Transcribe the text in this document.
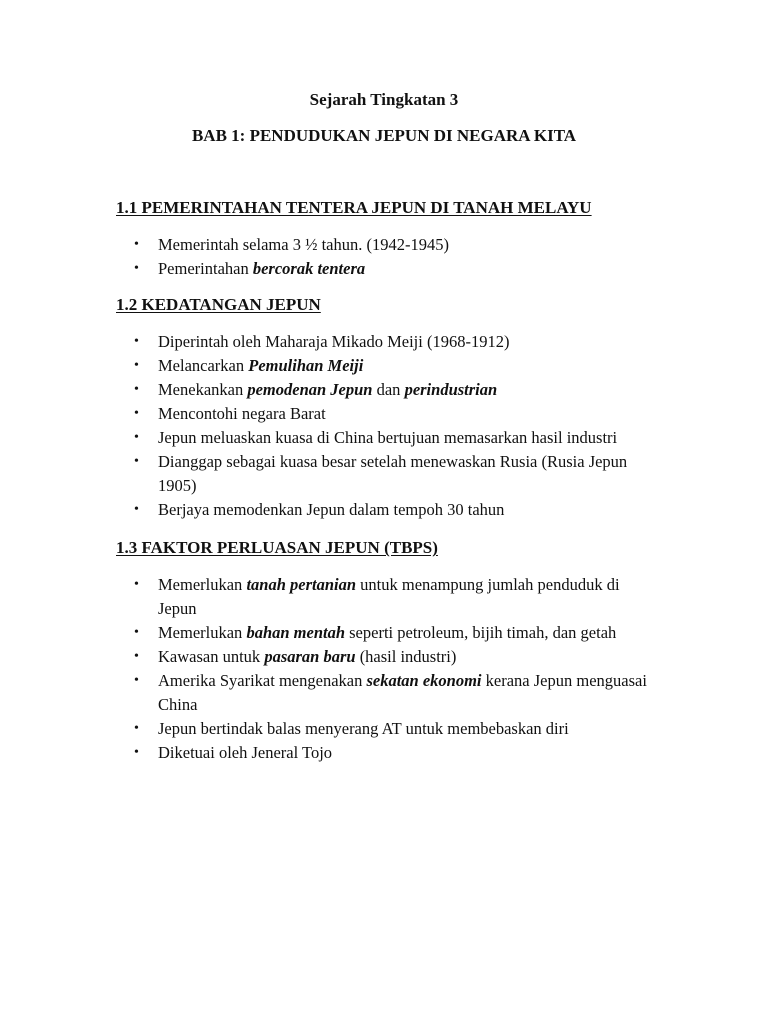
Sejarah Tingkatan 3
BAB 1: PENDUDUKAN JEPUN DI NEGARA KITA
1.1 PEMERINTAHAN TENTERA JEPUN DI TANAH MELAYU
• Memerintah selama 3 ½ tahun. (1942-1945)
• Pemerintahan bercorak tentera
1.2 KEDATANGAN JEPUN
• Diperintah oleh Maharaja Mikado Meiji (1968-1912)
• Melancarkan Pemulihan Meiji
• Menekankan pemodenan Jepun dan perindustrian
• Mencontohi negara Barat
• Jepun meluaskan kuasa di China bertujuan memasarkan hasil industri
• Dianggap sebagai kuasa besar setelah menewaskan Rusia (Rusia Jepun 1905)
• Berjaya memodenkan Jepun dalam tempoh 30 tahun
1.3 FAKTOR PERLUASAN JEPUN (TBPS)
• Memerlukan tanah pertanian untuk menampung jumlah penduduk di Jepun
• Memerlukan bahan mentah seperti petroleum, bijih timah, dan getah
• Kawasan untuk pasaran baru (hasil industri)
• Amerika Syarikat mengenakan sekatan ekonomi kerana Jepun menguasai China
• Jepun bertindak balas menyerang AT untuk membebaskan diri
• Diketuai oleh Jeneral Tojo
